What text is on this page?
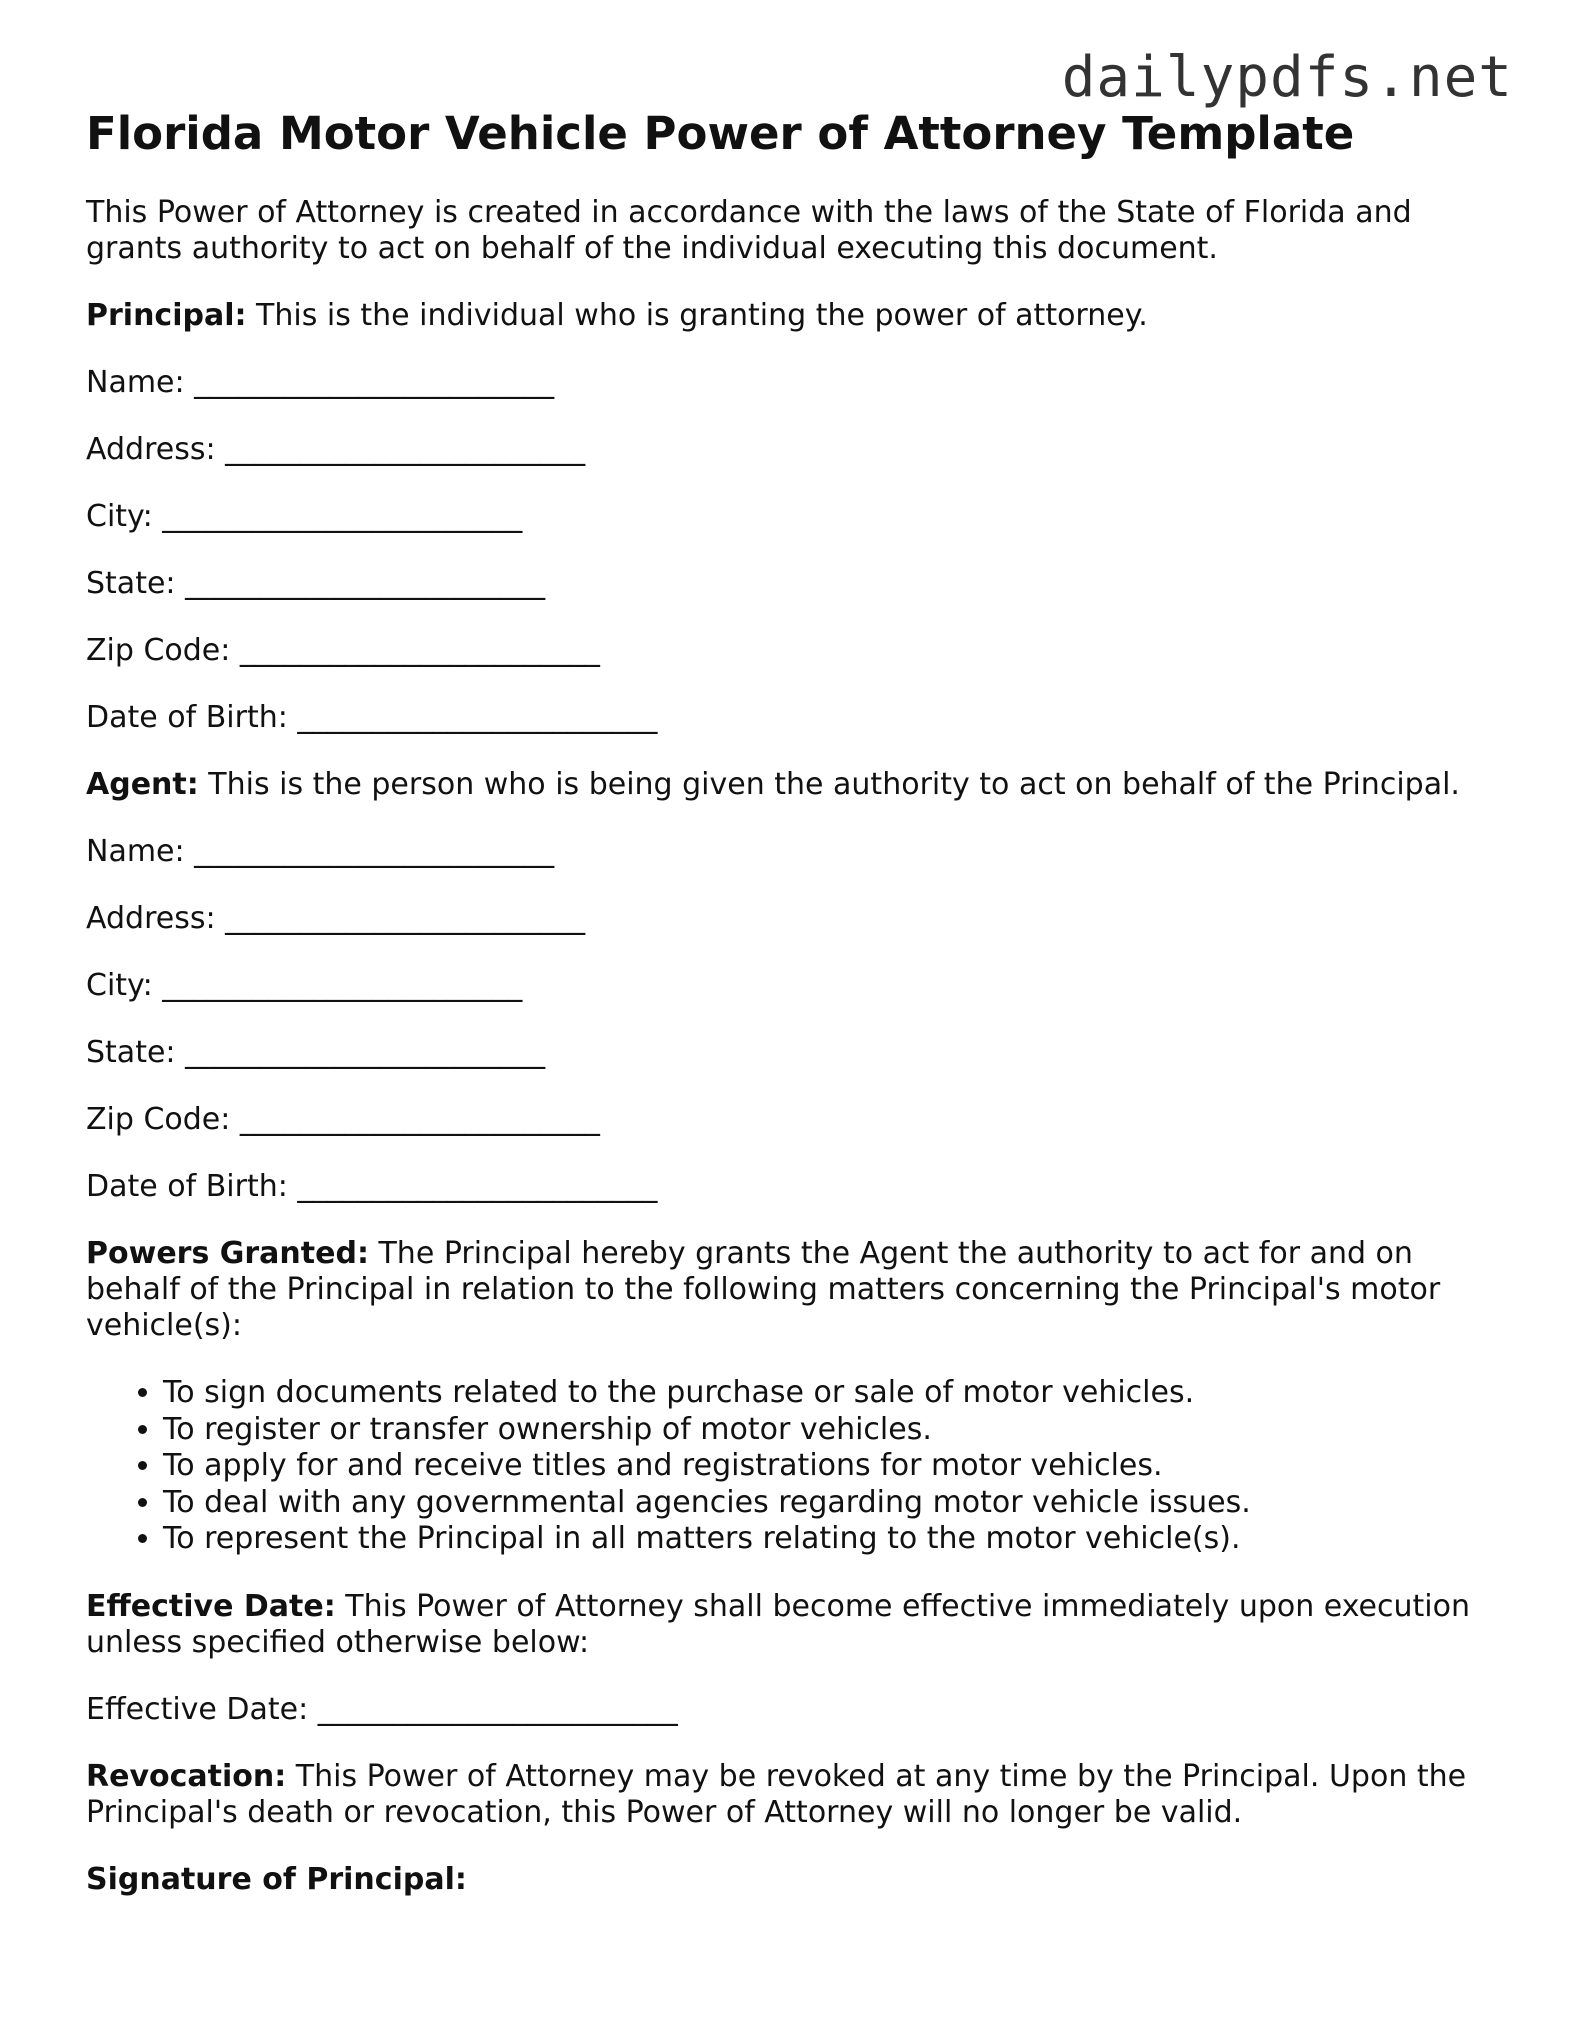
dailypdfs.net
Florida Motor Vehicle Power of Attorney Template

This Power of Attorney is created in accordance with the laws of the State of Florida and grants authority to act on behalf of the individual executing this document.

Principal: This is the individual who is granting the power of attorney.

Name: ________________________

Address: ________________________

City: ________________________

State: ________________________

Zip Code: ________________________

Date of Birth: ________________________

Agent: This is the person who is being given the authority to act on behalf of the Principal.

Name: ________________________

Address: ________________________

City: ________________________

State: ________________________

Zip Code: ________________________

Date of Birth: ________________________

Powers Granted: The Principal hereby grants the Agent the authority to act for and on behalf of the Principal in relation to the following matters concerning the Principal's motor vehicle(s):

• To sign documents related to the purchase or sale of motor vehicles.
• To register or transfer ownership of motor vehicles.
• To apply for and receive titles and registrations for motor vehicles.
• To deal with any governmental agencies regarding motor vehicle issues.
• To represent the Principal in all matters relating to the motor vehicle(s).

Effective Date: This Power of Attorney shall become effective immediately upon execution unless specified otherwise below:

Effective Date: ________________________

Revocation: This Power of Attorney may be revoked at any time by the Principal. Upon the Principal's death or revocation, this Power of Attorney will no longer be valid.

Signature of Principal:
